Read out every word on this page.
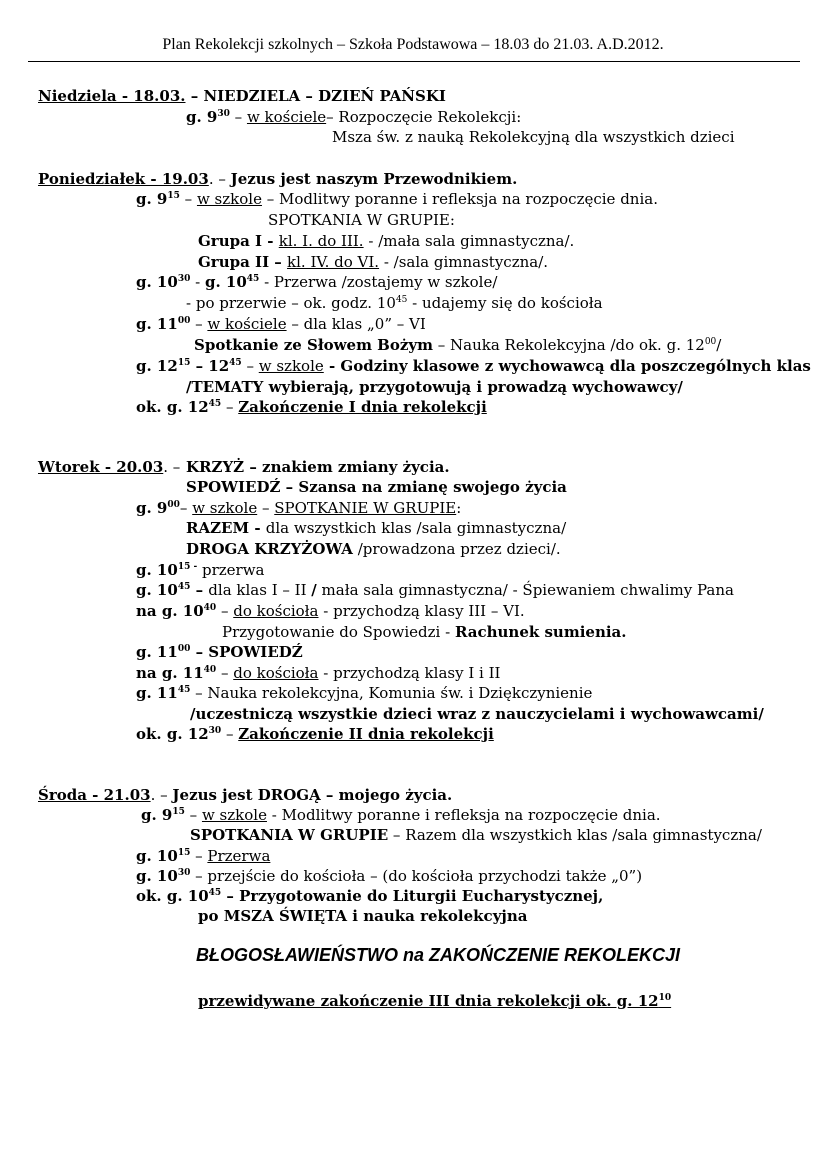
Plan Rekolekcji szkolnych – Szkoła Podstawowa – 18.03 do 21.03. A.D.2012.
Niedziela - 18.03. – NIEDZIELA – DZIEŃ PAŃSKI
g. $9^{30}$ – w kościele– Rozpoczęcie Rekolekcji:
Msza św. z nauką Rekolekcyjną dla wszystkich dzieci
Poniedziałek - 19.03. – Jezus jest naszym Przewodnikiem.
g. $9^{15}$ – w szkole – Modlitwy poranne i refleksja na rozpoczęcie dnia.
SPOTKANIA W GRUPIE:
Grupa I - kl. I. do III. - /mała sala gimnastyczna/.
Grupa II – kl. IV. do VI. - /sala gimnastyczna/.
g. $10^{30}$ - g. $10^{45}$ - Przerwa /zostajemy w szkole/
- po przerwie – ok. godz. $10^{45}$ - udajemy się do kościoła
g. $11^{00}$ – w kościele – dla klas „0” – VI
Spotkanie ze Słowem Bożym – Nauka Rekolekcyjna /do ok. g. $12^{00}/$
g. $12^{15} - 12^{45}$ – w szkole - Godziny klasowe z wychowawcą dla poszczególnych klas
/TEMATY wybierają, przygotowują i prowadzą wychowawcy/
ok. g. $12^{45}$ – Zakończenie I dnia rekolekcji
Wtorek - 20.03. – KRZYŻ – znakiem zmiany życia.
SPOWIEDŹ – Szansa na zmianę swojego życia
g. $9^{00}-$ w szkole – SPOTKANIE W GRUPIE:
RAZEM - dla wszystkich klas /sala gimnastyczna/
DROGA KRZYŻOWA /prowadzona przez dzieci/.
g. $10^{15 -}$ przerwa
g. $10^{45}$ – dla klas I – II / mała sala gimnastyczna/ - Śpiewaniem chwalimy Pana
na g. $10^{40}$ – do kościoła - przychodzą klasy III – VI.
Przygotowanie do Spowiedzi - Rachunek sumienia.
g. $11^{00}$ – SPOWIEDŹ
na g. $11^{40}$ – do kościoła - przychodzą klasy I i II
g. $11^{45}$ – Nauka rekolekcyjna, Komunia św. i Dziękczynienie
/uczestniczą wszystkie dzieci wraz z nauczycielami i wychowawcami/
ok. g. $12^{30}$ – Zakończenie II dnia rekolekcji
Środa - 21.03. – Jezus jest DROGĄ – mojego życia.
g. $9^{15}$ – w szkole - Modlitwy poranne i refleksja na rozpoczęcie dnia.
SPOTKANIA W GRUPIE – Razem dla wszystkich klas /sala gimnastyczna/
g. $10^{15}$ – Przerwa
g. $10^{30}$ – przejście do kościoła – (do kościoła przychodzi także „0”)
ok. g. $10^{45}$ – Przygotowanie do Liturgii Eucharystycznej,
po MSZA ŚWIĘTA i nauka rekolekcyjna
BŁOGOSŁAWIEŃSTWO na ZAKOŃCZENIE REKOLEKCJI
przewidywane zakończenie III dnia rekolekcji ok. g. $12^{10}$
